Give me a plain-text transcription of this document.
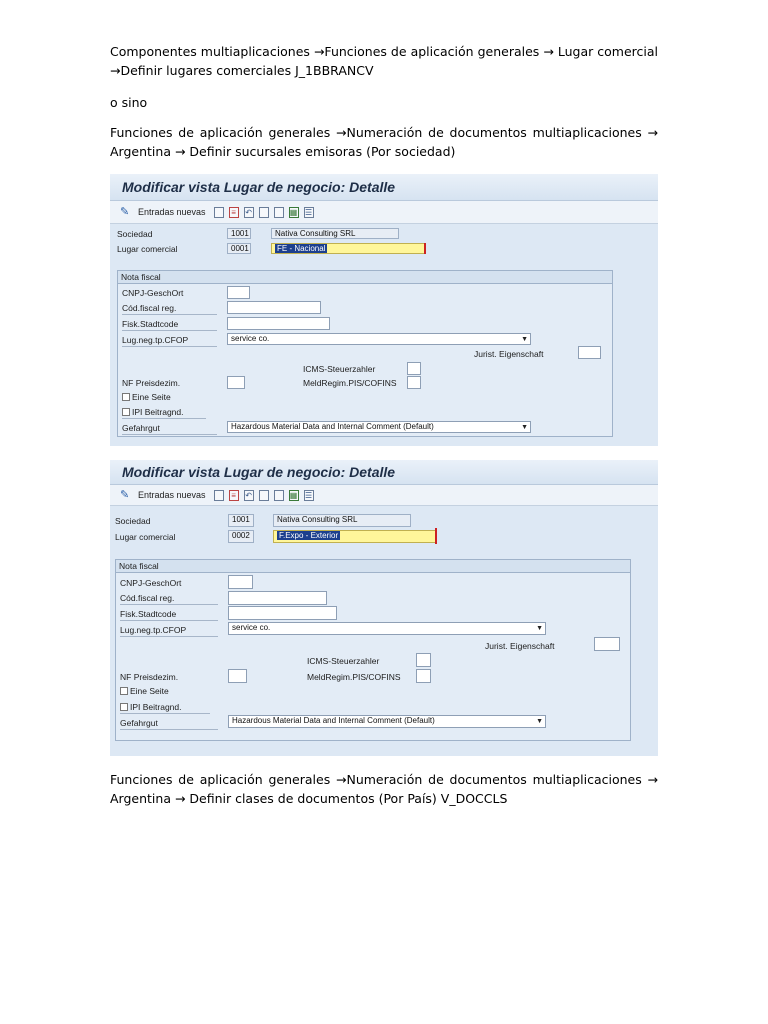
Componentes multiaplicaciones →Funciones de aplicación generales → Lugar comercial
→Definir lugares comerciales J_1BBRANCV
o sino
Funciones de aplicación generales →Numeración de documentos multiaplicaciones →
Argentina → Definir sucursales emisoras (Por sociedad)
Modificar vista Lugar de negocio: Detalle
✎ Entradas nuevas	≡	↶	▦ ☰
Sociedad	1001	Nativa Consulting SRL
Lugar comercial	0001	FE - Nacional
Nota fiscal
CNPJ-GeschOrt
Cód.fiscal reg.
Fisk.Stadtcode
Lug.neg.tp.CFOP	service co.	▼
Jurist. Eigenschaft
ICMS-Steuerzahler
NF Preisdezim.	MeldRegim.PIS/COFINS
Eine Seite
IPI Beitragnd.
Gefahrgut	Hazardous Material Data and Internal Comment (Default)	▼
Modificar vista Lugar de negocio: Detalle
✎ Entradas nuevas	≡	↶	▦ ☰
Sociedad	1001	Nativa Consulting SRL
Lugar comercial	0002	F.Expo - Exterior
Nota fiscal
CNPJ-GeschOrt
Cód.fiscal reg.
Fisk.Stadtcode
Lug.neg.tp.CFOP	service co.	▼
Jurist. Eigenschaft
ICMS-Steuerzahler
NF Preisdezim.	MeldRegim.PIS/COFINS
Eine Seite
IPI Beitragnd.
Gefahrgut	Hazardous Material Data and Internal Comment (Default)	▼
Funciones de aplicación generales →Numeración de documentos multiaplicaciones →
Argentina → Definir clases de documentos (Por País) V_DOCCLS
